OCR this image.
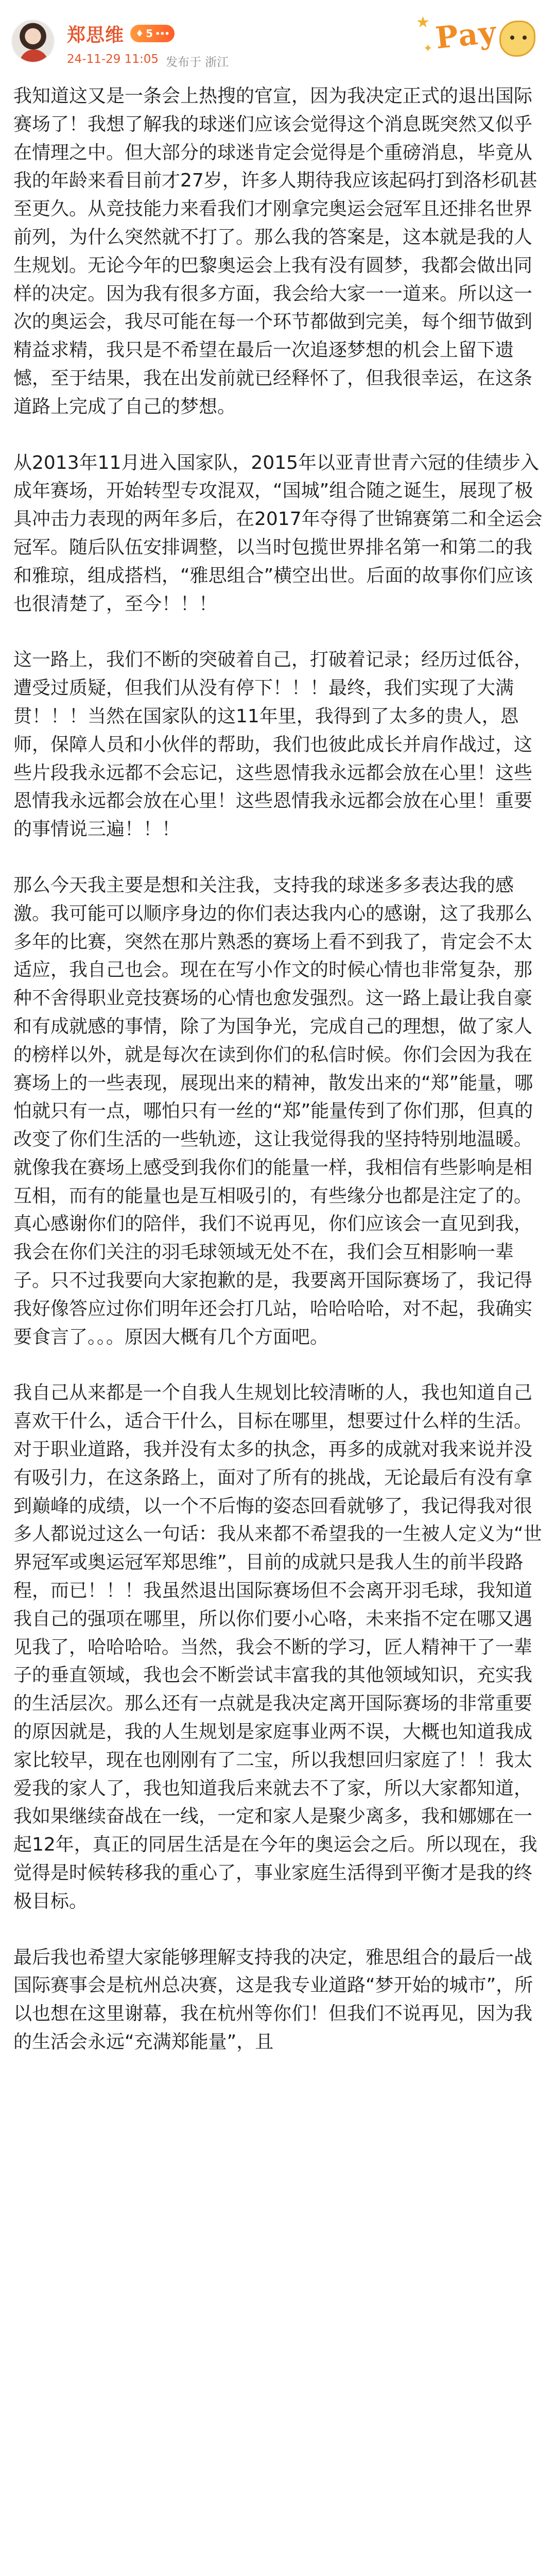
郑思维 ♦ 5 •••
24-11-29 11:05 发布于 浙江
★
✦ Pay

我知道这又是一条会上热搜的官宣，因为我决定正式的退出国际赛场了！我想了解我的球迷们应该会觉得这个消息既突然又似乎在情理之中。但大部分的球迷肯定会觉得是个重磅消息，毕竟从我的年龄来看目前才27岁，许多人期待我应该起码打到洛杉矶甚至更久。从竞技能力来看我们才刚拿完奥运会冠军且还排名世界前列，为什么突然就不打了。那么我的答案是，这本就是我的人生规划。无论今年的巴黎奥运会上我有没有圆梦，我都会做出同样的决定。因为我有很多方面，我会给大家一一道来。所以这一次的奥运会，我尽可能在每一个环节都做到完美，每个细节做到精益求精，我只是不希望在最后一次追逐梦想的机会上留下遗憾，至于结果，我在出发前就已经释怀了，但我很幸运，在这条道路上完成了自己的梦想。

从2013年11月进入国家队，2015年以亚青世青六冠的佳绩步入成年赛场，开始转型专攻混双，“国城”组合随之诞生，展现了极具冲击力表现的两年多后，在2017年夺得了世锦赛第二和全运会冠军。随后队伍安排调整，以当时包揽世界排名第一和第二的我和雅琼，组成搭档，“雅思组合”横空出世。后面的故事你们应该也很清楚了，至今！！！

这一路上，我们不断的突破着自己，打破着记录；经历过低谷，遭受过质疑，但我们从没有停下！！！最终，我们实现了大满贯！！！当然在国家队的这11年里，我得到了太多的贵人，恩师，保障人员和小伙伴的帮助，我们也彼此成长并肩作战过，这些片段我永远都不会忘记，这些恩情我永远都会放在心里！这些恩情我永远都会放在心里！这些恩情我永远都会放在心里！重要的事情说三遍！！！

那么今天我主要是想和关注我，支持我的球迷多多表达我的感激。我可能可以顺序身边的你们表达我内心的感谢，这了我那么多年的比赛，突然在那片熟悉的赛场上看不到我了，肯定会不太适应，我自己也会。现在在写小作文的时候心情也非常复杂，那种不舍得职业竞技赛场的心情也愈发强烈。这一路上最让我自豪和有成就感的事情，除了为国争光，完成自己的理想，做了家人的榜样以外，就是每次在读到你们的私信时候。你们会因为我在赛场上的一些表现，展现出来的精神，散发出来的“郑”能量，哪怕就只有一点，哪怕只有一丝的“郑”能量传到了你们那，但真的改变了你们生活的一些轨迹，这让我觉得我的坚持特别地温暖。就像我在赛场上感受到我你们的能量一样，我相信有些影响是相互相，而有的能量也是互相吸引的，有些缘分也都是注定了的。真心感谢你们的陪伴，我们不说再见，你们应该会一直见到我，我会在你们关注的羽毛球领域无处不在，我们会互相影响一辈子。只不过我要向大家抱歉的是，我要离开国际赛场了，我记得我好像答应过你们明年还会打几站，哈哈哈哈，对不起，我确实要食言了。。。原因大概有几个方面吧。

我自己从来都是一个自我人生规划比较清晰的人，我也知道自己喜欢干什么，适合干什么，目标在哪里，想要过什么样的生活。对于职业道路，我并没有太多的执念，再多的成就对我来说并没有吸引力，在这条路上，面对了所有的挑战，无论最后有没有拿到巅峰的成绩，以一个不后悔的姿态回看就够了，我记得我对很多人都说过这么一句话：我从来都不希望我的一生被人定义为“世界冠军或奥运冠军郑思维”，目前的成就只是我人生的前半段路程，而已！！！我虽然退出国际赛场但不会离开羽毛球，我知道我自己的强项在哪里，所以你们要小心咯，未来指不定在哪又遇见我了，哈哈哈哈。当然，我会不断的学习，匠人精神干了一辈子的垂直领域，我也会不断尝试丰富我的其他领域知识，充实我的生活层次。那么还有一点就是我决定离开国际赛场的非常重要的原因就是，我的人生规划是家庭事业两不误，大概也知道我成家比较早，现在也刚刚有了二宝，所以我想回归家庭了！！我太爱我的家人了，我也知道我后来就去不了家，所以大家都知道，我如果继续奋战在一线，一定和家人是聚少离多，我和娜娜在一起12年，真正的同居生活是在今年的奥运会之后。所以现在，我觉得是时候转移我的重心了，事业家庭生活得到平衡才是我的终极目标。

最后我也希望大家能够理解支持我的决定，雅思组合的最后一战国际赛事会是杭州总决赛，这是我专业道路“梦开始的城市”，所以也想在这里谢幕，我在杭州等你们！但我们不说再见，因为我的生活会永远“充满郑能量”，且
